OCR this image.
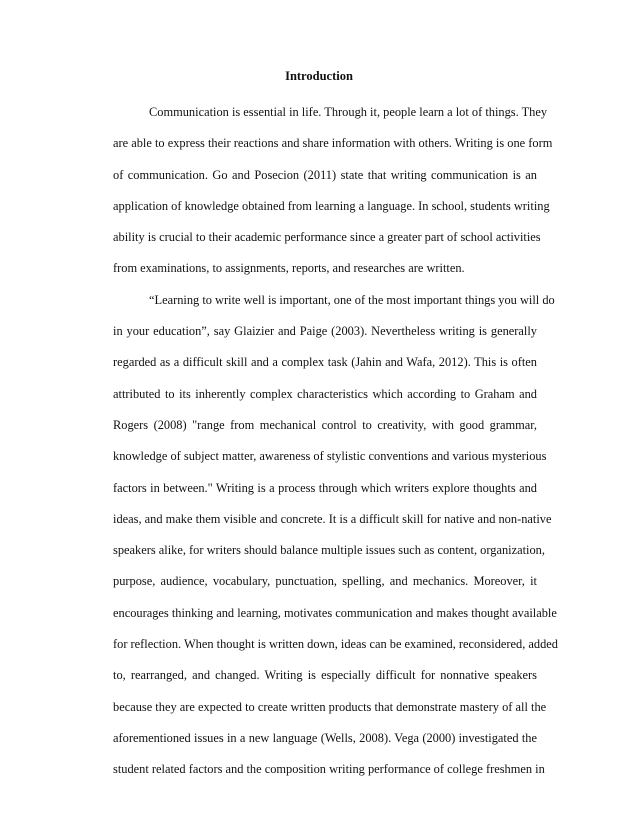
Introduction
Communication is essential in life. Through it, people learn a lot of things. They
are able to express their reactions and share information with others. Writing is one form
of communication. Go and Posecion (2011) state that writing communication is an
application of knowledge obtained from learning a language. In school, students writing
ability is crucial to their academic performance since a greater part of school activities
from examinations, to assignments, reports, and researches are written.
“Learning to write well is important, one of the most important things you will do
in your education”, say Glaizier and Paige (2003). Nevertheless writing is generally
regarded as a difficult skill and a complex task (Jahin and Wafa, 2012). This is often
attributed to its inherently complex characteristics which according to Graham and
Rogers (2008) "range from mechanical control to creativity, with good grammar,
knowledge of subject matter, awareness of stylistic conventions and various mysterious
factors in between." Writing is a process through which writers explore thoughts and
ideas, and make them visible and concrete. It is a difficult skill for native and non-native
speakers alike, for writers should balance multiple issues such as content, organization,
purpose, audience, vocabulary, punctuation, spelling, and mechanics. Moreover, it
encourages thinking and learning, motivates communication and makes thought available
for reflection. When thought is written down, ideas can be examined, reconsidered, added
to, rearranged, and changed. Writing is especially difficult for nonnative speakers
because they are expected to create written products that demonstrate mastery of all the
aforementioned issues in a new language (Wells, 2008). Vega (2000) investigated the
student related factors and the composition writing performance of college freshmen in
